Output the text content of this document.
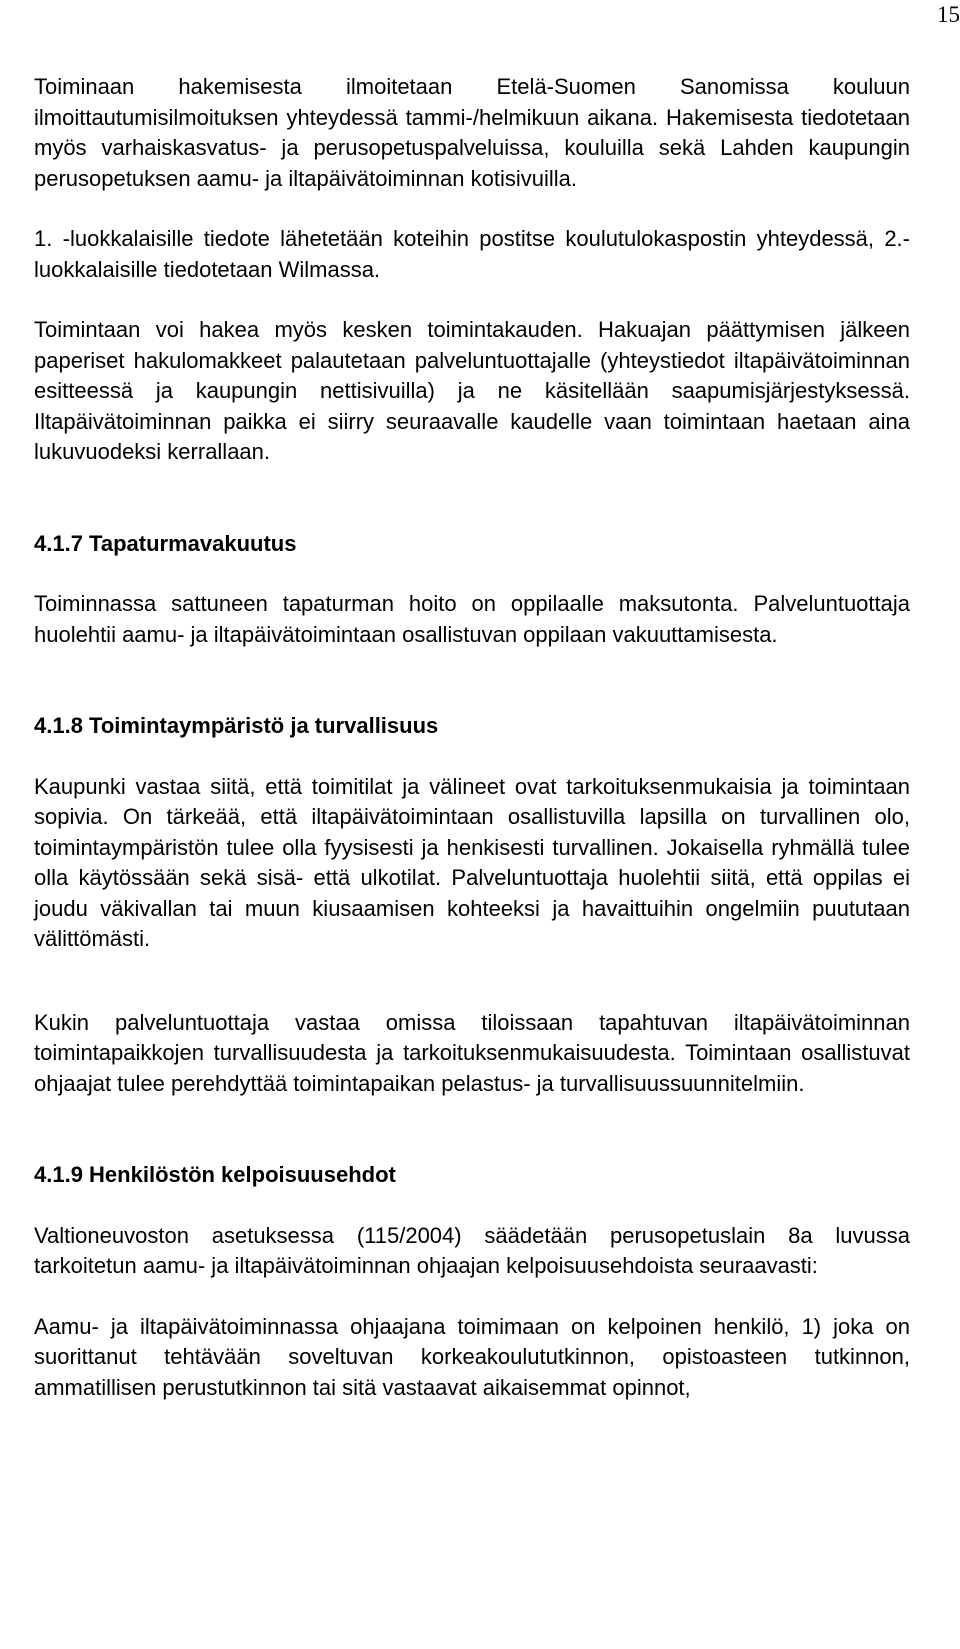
15

Toiminaan hakemisesta ilmoitetaan Etelä-Suomen Sanomissa kouluun ilmoittautumisilmoituksen yhteydessä tammi-/helmikuun aikana. Hakemisesta tiedotetaan myös varhaiskasvatus- ja perusopetuspalveluissa, kouluilla sekä Lahden kaupungin perusopetuksen aamu- ja iltapäivätoiminnan kotisivuilla.

1. -luokkalaisille tiedote lähetetään koteihin postitse koulutulokaspostin yhteydessä, 2.-luokkalaisille tiedotetaan Wilmassa.

Toimintaan voi hakea myös kesken toimintakauden. Hakuajan päättymisen jälkeen paperiset hakulomakkeet palautetaan palveluntuottajalle (yhteystiedot iltapäivätoiminnan esitteessä ja kaupungin nettisivuilla) ja ne käsitellään saapumisjärjestyksessä. Iltapäivätoiminnan paikka ei siirry seuraavalle kaudelle vaan toimintaan haetaan aina lukuvuodeksi kerrallaan.

4.1.7 Tapaturmavakuutus

Toiminnassa sattuneen tapaturman hoito on oppilaalle maksutonta. Palveluntuottaja huolehtii aamu- ja iltapäivätoimintaan osallistuvan oppilaan vakuuttamisesta.

4.1.8 Toimintaympäristö ja turvallisuus

Kaupunki vastaa siitä, että toimitilat ja välineet ovat tarkoituksenmukaisia ja toimintaan sopivia. On tärkeää, että iltapäivätoimintaan osallistuvilla lapsilla on turvallinen olo, toimintaympäristön tulee olla fyysisesti ja henkisesti turvallinen. Jokaisella ryhmällä tulee olla käytössään sekä sisä- että ulkotilat. Palveluntuottaja huolehtii siitä, että oppilas ei joudu väkivallan tai muun kiusaamisen kohteeksi ja havaittuihin ongelmiin puututaan välittömästi.

Kukin palveluntuottaja vastaa omissa tiloissaan tapahtuvan iltapäivätoiminnan toimintapaikkojen turvallisuudesta ja tarkoituksenmukaisuudesta. Toimintaan osallistuvat ohjaajat tulee perehdyttää toimintapaikan pelastus- ja turvallisuussuunnitelmiin.

4.1.9 Henkilöstön kelpoisuusehdot

Valtioneuvoston asetuksessa (115/2004) säädetään perusopetuslain 8a luvussa tarkoitetun aamu- ja iltapäivätoiminnan ohjaajan kelpoisuusehdoista seuraavasti:

Aamu- ja iltapäivätoiminnassa ohjaajana toimimaan on kelpoinen henkilö, 1) joka on suorittanut tehtävään soveltuvan korkeakoulututkinnon, opistoasteen tutkinnon, ammatillisen perustutkinnon tai sitä vastaavat aikaisemmat opinnot,
